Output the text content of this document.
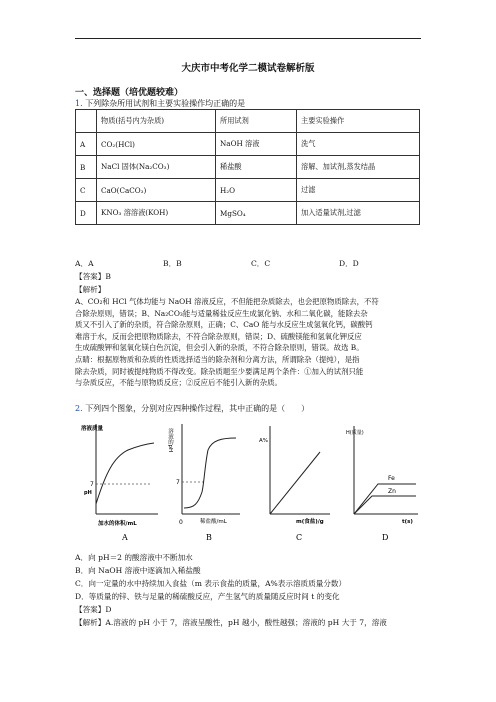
大庆市中考化学二模试卷解析版
一、选择题（培优题较难）
1. 下列除杂所用试剂和主要实验操作均正确的是
	物质(括号内为杂质)	所用试剂	主要实验操作
A	CO₂(HCl)	NaOH 溶液	洗气
B	NaCl 固体(Na₂CO₃)	稀盐酸	溶解、加试剂,蒸发结晶
C	CaO(CaCO₃)	H₂O	过滤
D	KNO₃ 溶溶液(KOH)	MgSO₄	加入适量试剂,过滤
A．A	B．B	C．C	D．D
【答案】B
【解析】

A、CO₂和 HCl 气体均能与 NaOH 溶液反应，不但能把杂质除去，也会把原物质除去，不符

合除杂原则，错误；B、Na₂CO₃能与适量稀盐反应生成氯化钠、水和二氧化碳，能除去杂

质又不引入了新的杂质，符合除杂原则，正确；C、CaO 能与水反应生成氢氧化钙，碳酸钙

难溶于水，反而会把原物质除去，不符合除杂原则，错误；D、硫酸镁能和氢氧化钾反应

生成硫酸钾和氢氧化镁白色沉淀，但会引入新的杂质，不符合除杂原则，错误。故选 B。

点睛：根据原物质和杂质的性质选择适当的除杂剂和分离方法，所谓除杂（提纯），是指

除去杂质，同时被提纯物质不得改变。除杂质题至少要满足两个条件：①加入的试剂只能

与杂质反应，不能与原物质反应；②反应后不能引入新的杂质。

2. 下列四个图象，分别对应四种操作过程，其中正确的是（　　）
溶液质量
7
pH
加水的体积/mL
A
溶液的pH
7
0	稀盐酸/mL
B
A%
m(食盐)/g
C
H(质量)
Fe
Zn
t(s)
D
A．向 pH＝2 的酸溶液中不断加水
B．向 NaOH 溶液中逐滴加入稀盐酸
C．向一定量的水中持续加入食盐（m 表示食盐的质量，A%表示溶质质量分数）
D．等质量的锌、铁与足量的稀硫酸反应，产生氢气的质量随反应时间 t 的变化
【答案】D
【解析】A.溶液的 pH 小于 7，溶液呈酸性，pH 越小，酸性越强；溶液的 pH 大于 7，溶液
